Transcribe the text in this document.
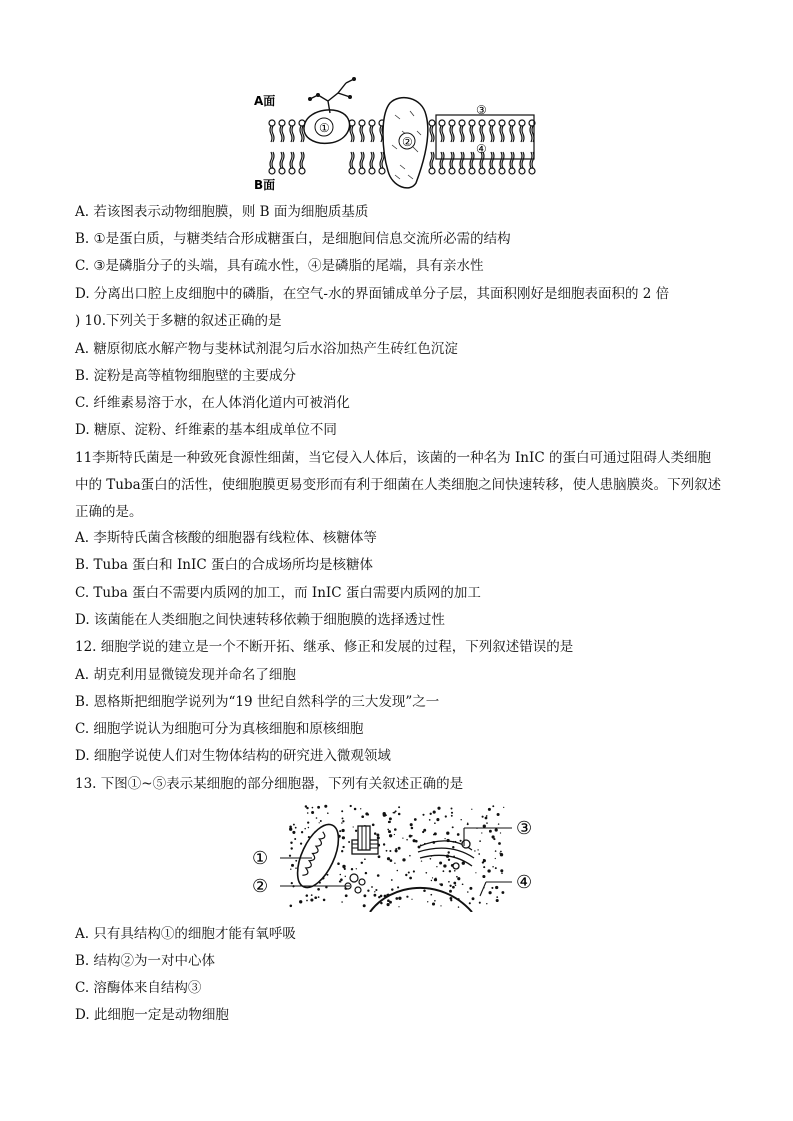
A面
B面
①
②
③
④
A. 若该图表示动物细胞膜，则 B 面为细胞质基质
B. ①是蛋白质，与糖类结合形成糖蛋白，是细胞间信息交流所必需的结构
C. ③是磷脂分子的头端，具有疏水性，④是磷脂的尾端，具有亲水性
D. 分离出口腔上皮细胞中的磷脂，在空气-水的界面铺成单分子层，其面积刚好是细胞表面积的 2 倍
) 10.下列关于多糖的叙述正确的是
A. 糖原彻底水解产物与斐林试剂混匀后水浴加热产生砖红色沉淀
B. 淀粉是高等植物细胞壁的主要成分
C. 纤维素易溶于水，在人体消化道内可被消化
D. 糖原、淀粉、纤维素的基本组成单位不同
11李斯特氏菌是一种致死食源性细菌，当它侵入人体后，该菌的一种名为 InIC 的蛋白可通过阻碍人类细胞中的 Tuba蛋白的活性，使细胞膜更易变形而有利于细菌在人类细胞之间快速转移，使人患脑膜炎。下列叙述正确的是。
A. 李斯特氏菌含核酸的细胞器有线粒体、核糖体等
B. Tuba 蛋白和 InIC 蛋白的合成场所均是核糖体
C. Tuba 蛋白不需要内质网的加工，而 InIC 蛋白需要内质网的加工
D. 该菌能在人类细胞之间快速转移依赖于细胞膜的选择透过性
12. 细胞学说的建立是一个不断开拓、继承、修正和发展的过程，下列叙述错误的是
A. 胡克利用显微镜发现并命名了细胞
B. 恩格斯把细胞学说列为“19 世纪自然科学的三大发现”之一
C. 细胞学说认为细胞可分为真核细胞和原核细胞
D. 细胞学说使人们对生物体结构的研究进入微观领域
13. 下图①~⑤表示某细胞的部分细胞器，下列有关叙述正确的是
①
②
③
④
A. 只有具结构①的细胞才能有氧呼吸
B. 结构②为一对中心体
C. 溶酶体来自结构③
D. 此细胞一定是动物细胞
